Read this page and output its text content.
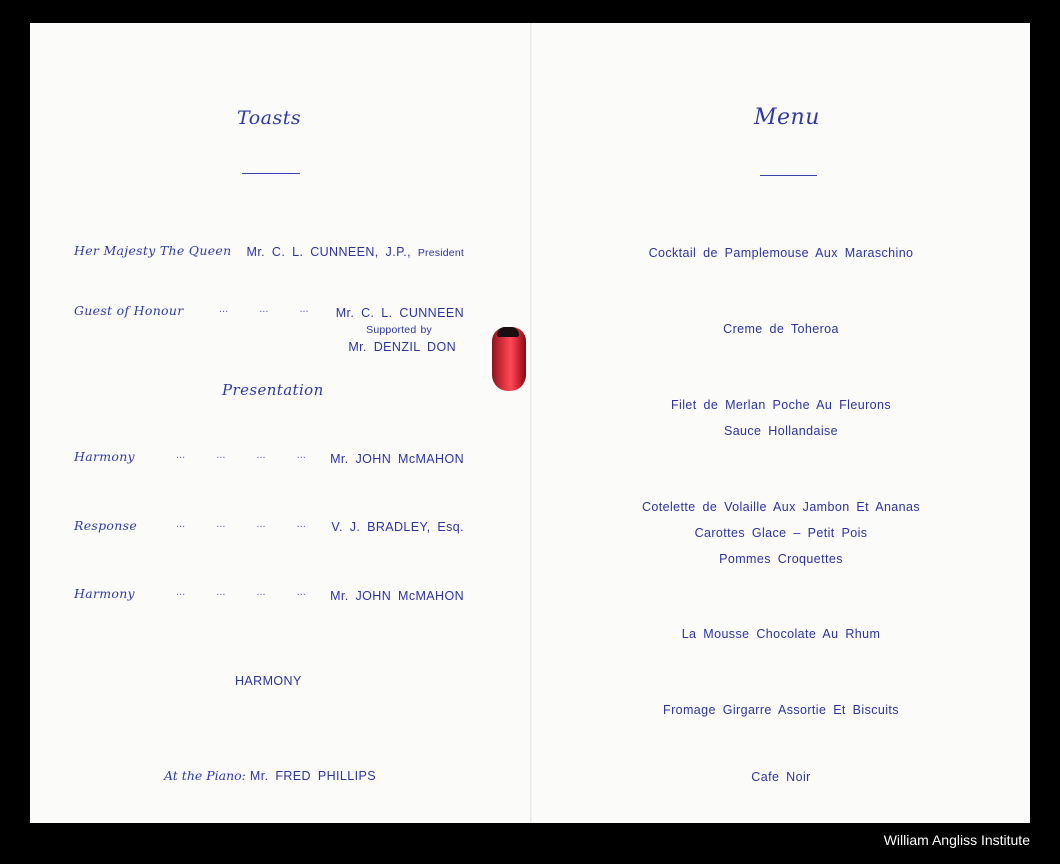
Toasts
Her Majesty The Queen Mr. C. L. CUNNEEN, J.P., President
Guest of Honour	... ... ... Mr. C. L. CUNNEEN
Supported by
Mr. DENZIL DON
Presentation
Harmony	... ... ... ... Mr. JOHN McMAHON
Response	... ... ... ... V. J. BRADLEY, Esq.
Harmony	... ... ... ... Mr. JOHN McMAHON
HARMONY
At the Piano: Mr. FRED PHILLIPS
Menu
Cocktail de Pamplemouse Aux Maraschino
Creme de Toheroa
Filet de Merlan Poche Au Fleurons
Sauce Hollandaise
Cotelette de Volaille Aux Jambon Et Ananas
Carottes Glace – Petit Pois
Pommes Croquettes
La Mousse Chocolate Au Rhum
Fromage Girgarre Assortie Et Biscuits
Cafe Noir
William Angliss Institute
